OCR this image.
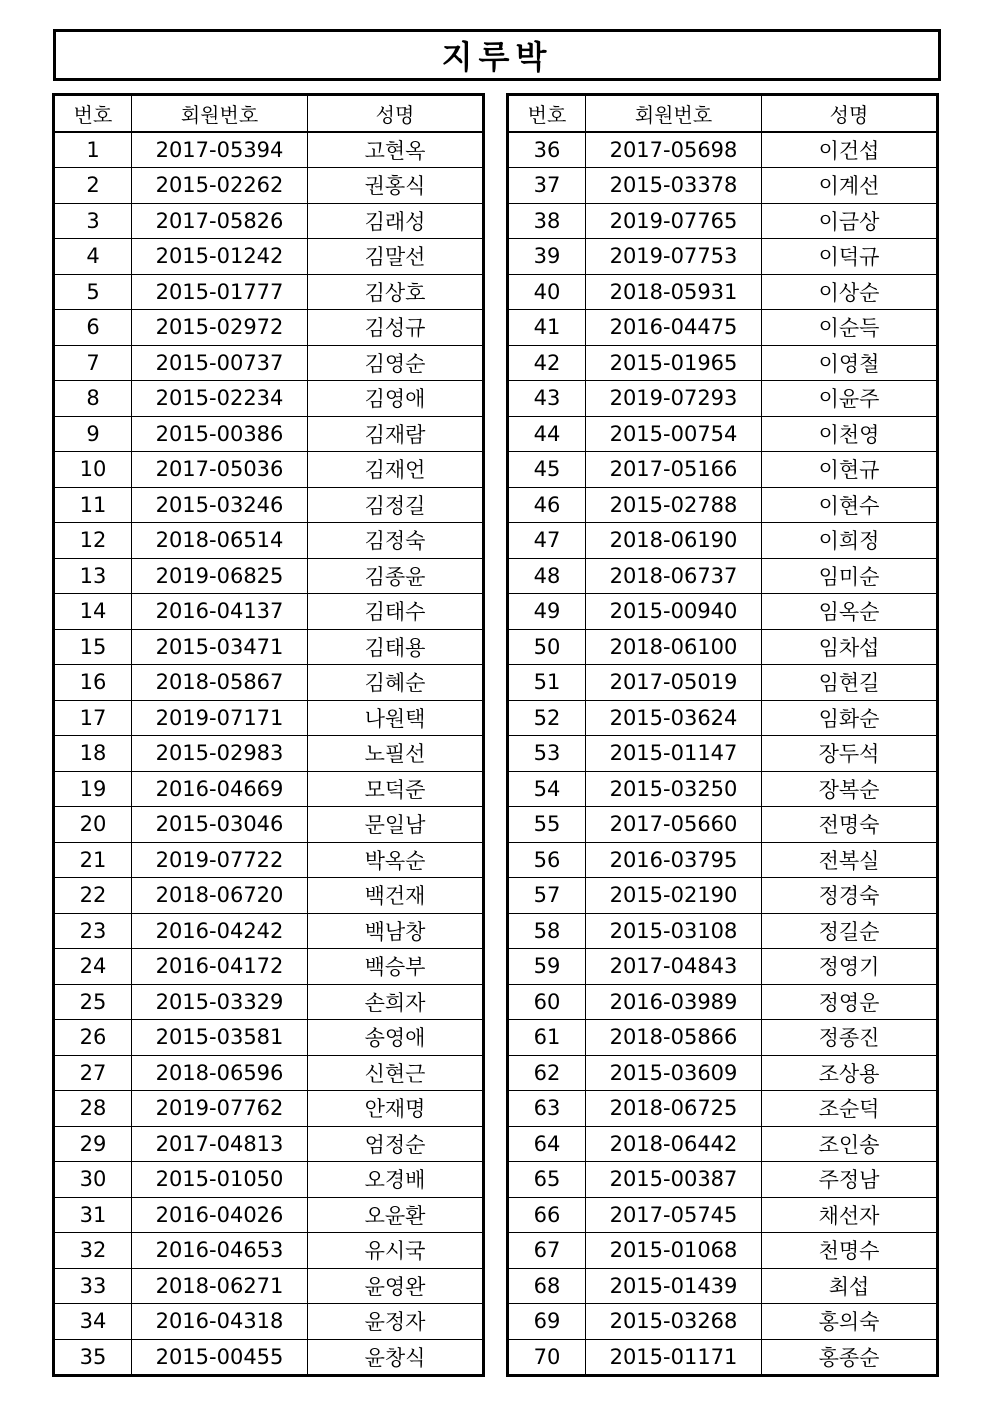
지루박
번호	회원번호	성명
1	2017-05394	고현옥
2	2015-02262	권홍식
3	2017-05826	김래성
4	2015-01242	김말선
5	2015-01777	김상호
6	2015-02972	김성규
7	2015-00737	김영순
8	2015-02234	김영애
9	2015-00386	김재람
10	2017-05036	김재언
11	2015-03246	김정길
12	2018-06514	김정숙
13	2019-06825	김종윤
14	2016-04137	김태수
15	2015-03471	김태용
16	2018-05867	김혜순
17	2019-07171	나원택
18	2015-02983	노필선
19	2016-04669	모덕준
20	2015-03046	문일남
21	2019-07722	박옥순
22	2018-06720	백건재
23	2016-04242	백남창
24	2016-04172	백승부
25	2015-03329	손희자
26	2015-03581	송영애
27	2018-06596	신현근
28	2019-07762	안재명
29	2017-04813	엄정순
30	2015-01050	오경배
31	2016-04026	오윤환
32	2016-04653	유시국
33	2018-06271	윤영완
34	2016-04318	윤정자
35	2015-00455	윤창식
번호	회원번호	성명
36	2017-05698	이건섭
37	2015-03378	이계선
38	2019-07765	이금상
39	2019-07753	이덕규
40	2018-05931	이상순
41	2016-04475	이순득
42	2015-01965	이영철
43	2019-07293	이윤주
44	2015-00754	이천영
45	2017-05166	이현규
46	2015-02788	이현수
47	2018-06190	이희정
48	2018-06737	임미순
49	2015-00940	임옥순
50	2018-06100	임차섭
51	2017-05019	임현길
52	2015-03624	임화순
53	2015-01147	장두석
54	2015-03250	장복순
55	2017-05660	전명숙
56	2016-03795	전복실
57	2015-02190	정경숙
58	2015-03108	정길순
59	2017-04843	정영기
60	2016-03989	정영운
61	2018-05866	정종진
62	2015-03609	조상용
63	2018-06725	조순덕
64	2018-06442	조인송
65	2015-00387	주정남
66	2017-05745	채선자
67	2015-01068	천명수
68	2015-01439	최섭
69	2015-03268	홍의숙
70	2015-01171	홍종순
